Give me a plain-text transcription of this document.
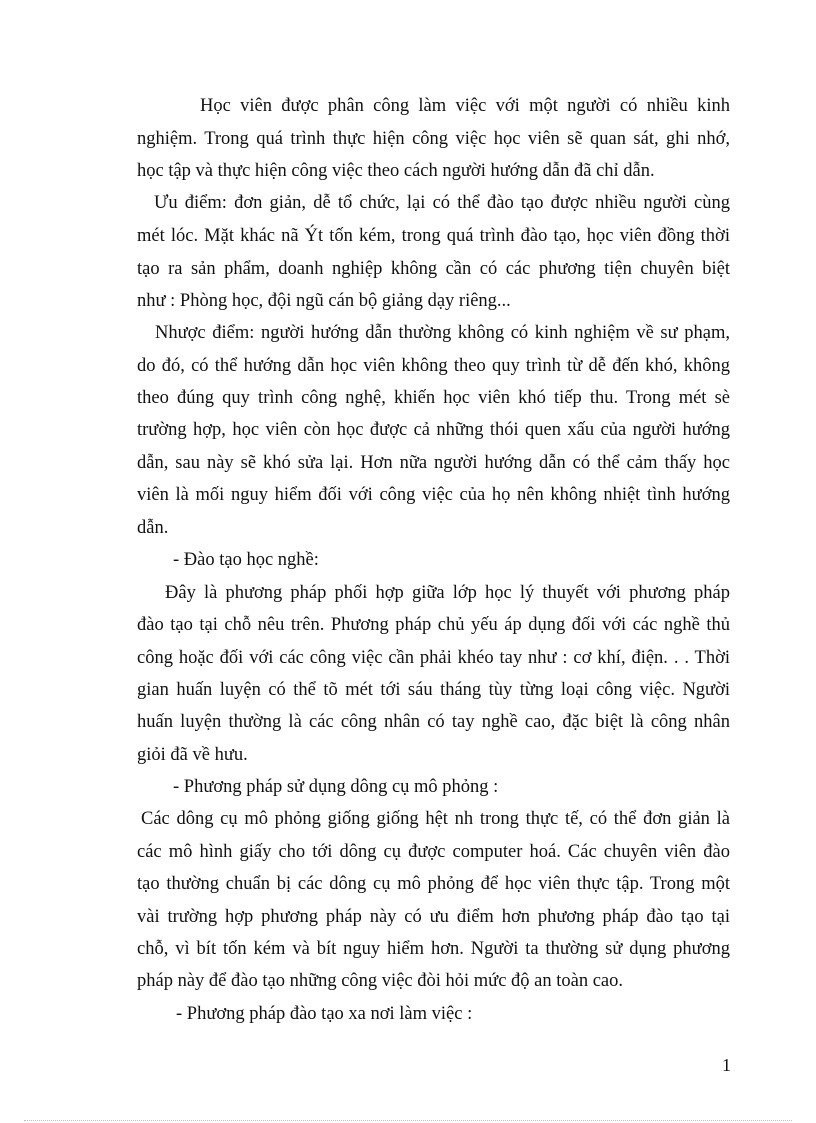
Học viên được phân công làm việc với một người có nhiều kinh
nghiệm. Trong quá trình thực hiện công việc học viên sẽ quan sát, ghi nhớ,
học tập và thực hiện công việc theo cách người hướng dẫn đã chỉ dẫn.
Ưu điểm: đơn giản, dễ tổ chức, lại có thể đào tạo được nhiều người cùng
mét lóc. Mặt khác nã Ýt tốn kém, trong quá trình đào tạo, học viên đồng thời
tạo ra sản phẩm, doanh nghiệp không cần có các phương tiện chuyên biệt
như : Phòng học, đội ngũ cán bộ giảng dạy riêng...
Nhược điểm: người hướng dẫn thường không có kinh nghiệm về sư phạm,
do đó, có thể hướng dẫn học viên không theo quy trình từ dễ đến khó, không
theo đúng quy trình công nghệ, khiến học viên khó tiếp thu. Trong mét sè
trường hợp, học viên còn học được cả những thói quen xấu của người hướng
dẫn, sau này sẽ khó sửa lại. Hơn nữa người hướng dẫn có thể cảm thấy học
viên là mối nguy hiểm đối với công việc của họ nên không nhiệt tình hướng
dẫn.
- Đào tạo học nghề:
Đây là phương pháp phối hợp giữa lớp học lý thuyết với phương pháp
đào tạo tại chỗ nêu trên. Phương pháp chủ yếu áp dụng đối với các nghề thủ
công hoặc đối với các công việc cần phải khéo tay như : cơ khí, điện. . . Thời
gian huấn luyện có thể tõ mét tới sáu tháng tùy từng loại công việc. Người
huấn luyện thường là các công nhân có tay nghề cao, đặc biệt là công nhân
giỏi đã về hưu.
- Phương pháp sử dụng dông cụ mô phỏng :
Các dông cụ mô phỏng giống giống hệt nh trong thực tế, có thể đơn giản là
các mô hình giấy cho tới dông cụ được computer hoá. Các chuyên viên đào
tạo thường chuẩn bị các dông cụ mô phỏng để học viên thực tập. Trong một
vài trường hợp phương pháp này có ưu điểm hơn phương pháp đào tạo tại
chỗ, vì bít tốn kém và bít nguy hiểm hơn. Người ta thường sử dụng phương
pháp này để đào tạo những công việc đòi hỏi mức độ an toàn cao.
- Phương pháp đào tạo xa nơi làm việc :
1
